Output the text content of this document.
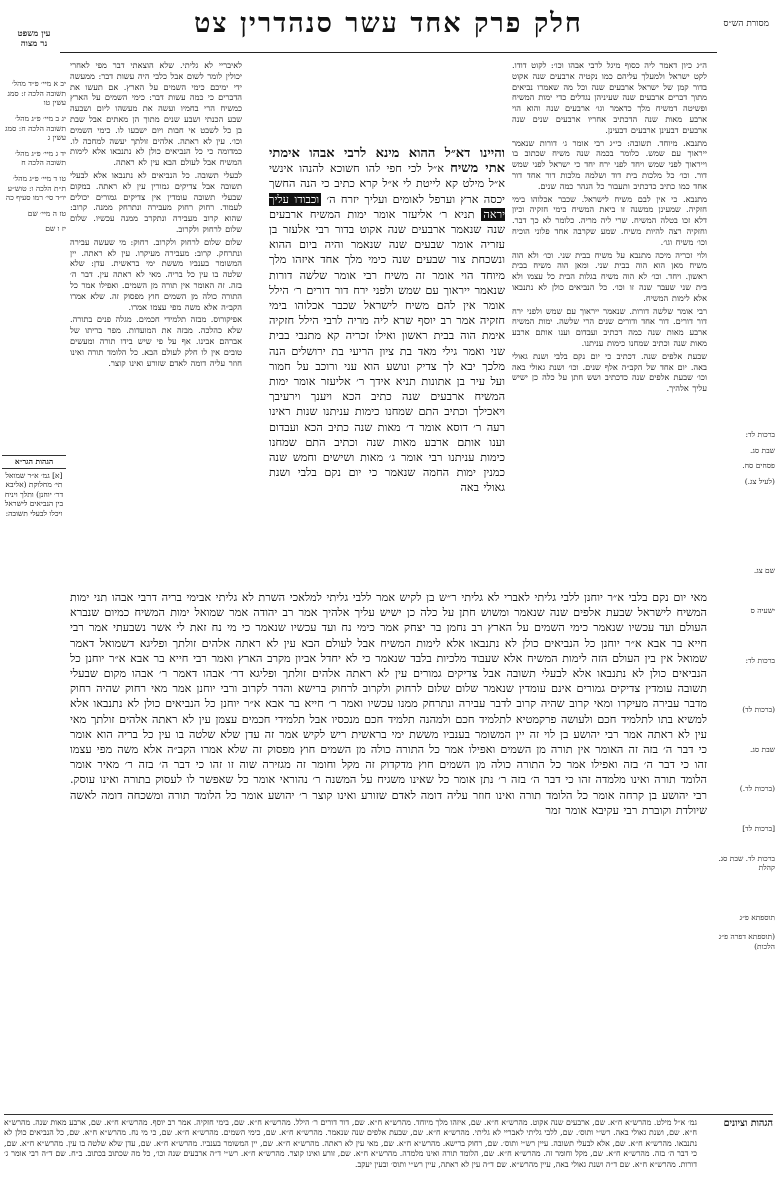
מסורת הש״ס
חלק פרק אחד עשר סנהדרין צט

ה״ג כיון דאמר ליה כסוף מיגל לרבי אבהו וכו׳: לקוט דודו. לקט ישראל ולמעלך עליהם כמו נקטיה ארבעים שנה אקוט בדור קמן של ישראל ארבעים שנה וכל מה שאמרו נביאים מתוך דברים ארבעים שנה שעיניהן נגדלים כדי ימות המשיח ופשיטה דמשיח מלך כדאמר וגו׳ ארבעים שנה והוא הוי ארבע מאות שנה הדכתיב אחריו ארבעים שנים שנה ארבעים דבעינן ארבעים דבעינן.

מתנבא. מיוחד. תשובה: כי״ג רבי אומר ג׳ דורות שנאמר ייראוך עם שמש. כלומר בכמה שנה משיח שכתוב בו וייראוך לפני שמש ויחד לפני ירח יחד כי ישראל לפני שמש דור. וכו׳ כל מלכות בית דוד ושלמה מלכות דור אחד דור אחד כמו כתיב כדכתיב ותעבור כל הנהר כמה שנים.

מתנבא. כי אין לבם משיח לישראל. שכבר אכלוהו בימי חזקיה. שמעינן ממשנה זו ביאת המשיח בימי חזקיה וכיון דלא זכו בטלה המשיח. שרי ליה מריה. כלומר לא כך דבר. וחזקיה רצה להיות משיח. שמע שקרבה אחד פלוני הוכיח וכו׳ משיח וגו׳.

ולוי זכריה מיכה מתנבא על משיח בבית שני. וכו׳ ולא הוה משיח מאן הוא הוה בבית שני. ומאן הוה משיח בבית ראשון. ויחד. וכו׳ לא הוה משיח בגלות הבית כל עצמו ולא בית שני שעבר שנה זו וכו׳. כל הנביאים כולן לא נתנבאו אלא לימות המשיח.

רבי אומר שלשה דורות. שנאמר ייראוך עם שמש ולפני ירח דור דורים. דור אחד ודורים שנים הרי שלשה. ימות המשיח ארבע מאות שנה כמה דכתיב ועבדום וענו אותם ארבע מאות שנה וכתיב שמחנו כימות עניתנו.

שבעת אלפים שנה. דכתיב כי יום נקם בלבי ושנת גאולי באה. יום אחד של הקב״ה אלף שנים. וכו׳ ושנת גאולי באה וכו׳ שבעת אלפים שנה כדכתיב ושש חתן על כלה כן ישיש עליך אלהיך.

לאיבריי לא גליתי. שלא הוצאתי דבר מפי לאחרי יכולין לומר לשום אבל כלבי היה עשות דבר: ממעשה ידי ימיכם כימי השמים על הארץ. אם תעשו את הדברים כי כמה עשות דבר: כימי השמים על הארץ כמשיח הרי בחמיו ועשה את מעשהו ליום ושבעה שבע הכנתי ושבע שנים מתוך הן מאתים אבל שבת בן כל לשבט אי חבות ויום ישבעו לו. כימי השמים וכו׳. עין לא ראתה. אלהים זולתך יעשה למחכה לו. כמדומה כי כל הנביאים כולן לא נתנבאו אלא לימות המשיח אבל לעולם הבא עין לא ראתה.

לבעלי תשובה. כל הנביאים לא נתנבאו אלא לבעלי תשובה אבל צדיקים גמורין עין לא ראתה. במקום שבעלי תשובה עומדין אין צדיקים גמורים יכולים לעמוד. רחוק רחוק מעבירה ונתרחק ממנה. קרוב: שהוא קרוב מעבירה ונתקרב ממנה עכשיו. שלום שלום לרחוק ולקרוב.

שלום שלום לרחוק ולקרוב. רחוק: מי שעשה עבירה ונתרחק. קרוב: מעבירה מעיקרו. עין לא ראתה. יין המשומר בענביו מששת ימי בראשית. עדן: שלא שלטה בו עין כל בריה. מאי לא ראתה עין. דבר ה׳ בזה. זה האומר אין תורה מן השמים. ואפילו אמר כל התורה כולה מן השמים חוץ מפסוק זה. שלא אמרו הקב״ה אלא משה מפי עצמו אמרו.

אפיקורוס. מבזה תלמידי חכמים. מגלה פנים בתורה. שלא כהלכה. מבזה את המועדות. מפר בריתו של אברהם אבינו. אף על פי שיש בידו תורה ומעשים טובים אין לו חלק לעולם הבא. כל הלומד תורה ואינו חוזר עליה דומה לאדם שזורע ואינו קוצר.

והיינו דא״ל ההוא מינא לרבי אבהו אימתי אתי משיח א״ל לכי חפי להו חשוכא להנהו אינשי א״ל מילט קא לייטת לי א״ל קרא כתיב כי הנה החשך יכסה ארץ וערפל לאומים ועליך יזרח ה׳ וכבודו עליך יראה תניא ר׳ אליעזר אומר ימות המשיח ארבעים שנה שנאמר ארבעים שנה אקוט בדור רבי אלעזר בן עזריה אומר שבעים שנה שנאמר והיה ביום ההוא ונשכחת צור שבעים שנה כימי מלך אחד איזהו מלך מיוחד הוי אומר זה משיח רבי אומר שלשה דורות שנאמר ייראוך עם שמש ולפני ירח דור דורים ר׳ הילל אומר אין להם משיח לישראל שכבר אכלוהו בימי חזקיה אמר רב יוסף שרא ליה מריה לרבי הילל חזקיה אימת הוה בבית ראשון ואילו זכריה קא מתנבי בבית שני ואמר גילי מאד בת ציון הריעי בת ירושלים הנה מלכך יבא לך צדיק ונושע הוא עני ורוכב על חמור ועל עיר בן אתונות תניא אידך ר׳ אליעזר אומר ימות המשיח ארבעים שנה כתיב הכא ויענך וירעיבך ויאכילך וכתיב התם שמחנו כימות עניתנו שנות ראינו רעה ר׳ דוסא אומר ד׳ מאות שנה כתיב הכא ועבדום וענו אותם ארבע מאות שנה וכתיב התם שמחנו כימות עניתנו רבי אומר ג׳ מאות ושישים וחמש שנה כמנין ימות החמה שנאמר כי יום נקם בלבי ושנת גאולי באה
מאי יום נקם בלבי א״ר יוחנן ללבי גליתי לאברי לא גליתי ר״ש בן לקיש אמר ללבי גליתי למלאכי השרת לא גליתי אבימי בריה דרבי אבהו תני ימות המשיח לישראל שבעת אלפים שנה שנאמר ומשוש חתן על כלה כן ישיש עליך אלהיך אמר רב יהודה אמר שמואל ימות המשיח כמיום שנברא העולם ועד עכשיו שנאמר כימי השמים על הארץ רב נחמן בר יצחק אמר כימי נח ועד עכשיו שנאמר כי מי נח זאת לי אשר נשבעתי אמר רבי חייא בר אבא א״ר יוחנן כל הנביאים כולן לא נתנבאו אלא לימות המשיח אבל לעולם הבא עין לא ראתה אלהים זולתך ופליגא דשמואל דאמר שמואל אין בין העולם הזה לימות המשיח אלא שעבוד מלכיות בלבד שנאמר כי לא יחדל אביון מקרב הארץ ואמר רבי חייא בר אבא א״ר יוחנן כל הנביאים כולן לא נתנבאו אלא לבעלי תשובה אבל צדיקים גמורים עין לא ראתה אלהים זולתך ופליגא דר׳ אבהו דאמר ר׳ אבהו מקום שבעלי תשובה עומדין צדיקים גמורים אינם עומדין שנאמר שלום שלום לרחוק ולקרוב לרחוק ברישא והדר לקרוב ורבי יוחנן אמר מאי רחוק שהיה רחוק מדבר עבירה מעיקרו ומאי קרוב שהיה קרוב לדבר עבירה ונתרחק ממנו עכשיו ואמר ר׳ חייא בר אבא א״ר יוחנן כל הנביאים כולן לא נתנבאו אלא למשיא בתו לתלמיד חכם ולעושה פרקמטיא לתלמיד חכם ולמהנה תלמיד חכם מנכסיו אבל תלמידי חכמים עצמן עין לא ראתה אלהים זולתך מאי עין לא ראתה אמר רבי יהושע בן לוי זה יין המשומר בענביו מששת ימי בראשית ריש לקיש אמר זה עדן שלא שלטה בו עין כל בריה הוא אומר כי דבר ה׳ בזה זה האומר אין תורה מן השמים ואפילו אמר כל התורה כולה מן השמים חוץ מפסוק זה שלא אמרו הקב״ה אלא משה מפי עצמו זהו כי דבר ה׳ בזה ואפילו אמר כל התורה כולה מן השמים חוץ מדקדוק זה מקל וחומר זה מגזירה שוה זו זהו כי דבר ה׳ בזה ר׳ מאיר אומר הלומד תורה ואינו מלמדה זהו כי דבר ה׳ בזה ר׳ נתן אומר כל שאינו משגיח על המשנה ר׳ נהוראי אומר כל שאפשר לו לעסוק בתורה ואינו עוסק. רבי יהושע בן קרחה אומר כל הלומד תורה ואינו חוזר עליה דומה לאדם שזורע ואינו קוצר ר׳ יהושע אומר כל הלומד תורה ומשכחה דומה לאשה שיולדת וקוברת רבי עקיבא אומר זמר
ברכות לד:
שבת סג.
פסחים סח.
(לעיל צג.)
שם צג.
ישעיה ס
ברכות לד:
(ברכות לד)
שבת סג.
(ברכות לד.)
[ברכות לד]
ברכות לד. שבת סג. קהלת
תוספתא פ״ג
(תוספתא דפרה פ״ג הלכות)
עין משפט
נר מצוה
יב א מיי׳ פ״ד מהל׳ תשובה הלכה ז: סמג עשין טו
יג ב מיי׳ פ״ג מהל׳ תשובה הלכה ח: סמג עשין ג
יד ג מיי׳ פ״ג מהל׳ תשובה הלכה ח
טו ד מיי׳ פ״ג מהל׳ ת״ת הלכה ו: טוש״ע יו״ד סי׳ רמו סעיף כה
טז ה מיי׳ שם
יז ו שם
הגהות הגר״א
[א] גמ׳ א״ר שמואל תי׳ מחלוקת (אליבא דר׳ יוחנן) ותלך ויניח בין הנביאים לישראל ויכלו לבעלי תשובה:
הגהות וציונים
גמ׳ א״ל מילט. מהרש״א ח״א. שם, ארבעים שנה אקוט. מהרש״א ח״א. שם, איזהו מלך מיוחד. מהרש״א ח״א. שם, דור דורים ר׳ הילל. מהרש״א ח״א. שם, בימי חזקיה. אמר רב יוסף. מהרש״א ח״א. שם, ארבע מאות שנה. מהרש״א ח״א. שם, ושנת גאולי באה. רש״י ותוס׳. שם, ללבי גליתי לאבריי לא גליתי. מהרש״א ח״א. שם, שבעת אלפים שנה שנאמר. מהרש״א ח״א. שם, כימי השמים. מהרש״א ח״א. שם, כי מי נח. מהרש״א ח״א. שם, כל הנביאים כולן לא נתנבאו. מהרש״א ח״א. שם, אלא לבעלי תשובה. עיין רש״י ותוס׳. שם, רחוק ברישא. מהרש״א ח״א. שם, מאי עין לא ראתה. מהרש״א ח״א. שם, יין המשומר בענביו. מהרש״א ח״א. שם, עדן שלא שלטה בו עין. מהרש״א ח״א. שם, כי דבר ה׳ בזה. מהרש״א ח״א. שם, מקל וחומר זה. מהרש״א ח״א. שם, הלומד תורה ואינו מלמדה. מהרש״א ח״א. שם, זורע ואינו קוצר. מהרש״א ח״א. רש״י ד״ה ארבעים שנה וכו׳, כל מה שכתוב בכתוב. ב״ח. שם ד״ה רבי אומר ג׳ דורות. מהרש״א ח״א. שם ד״ה ושנת גאולי באה, עיין מהרש״א. שם ד״ה עין לא ראתה, עיין רש״י ותוס׳ ובעין יעקב.
